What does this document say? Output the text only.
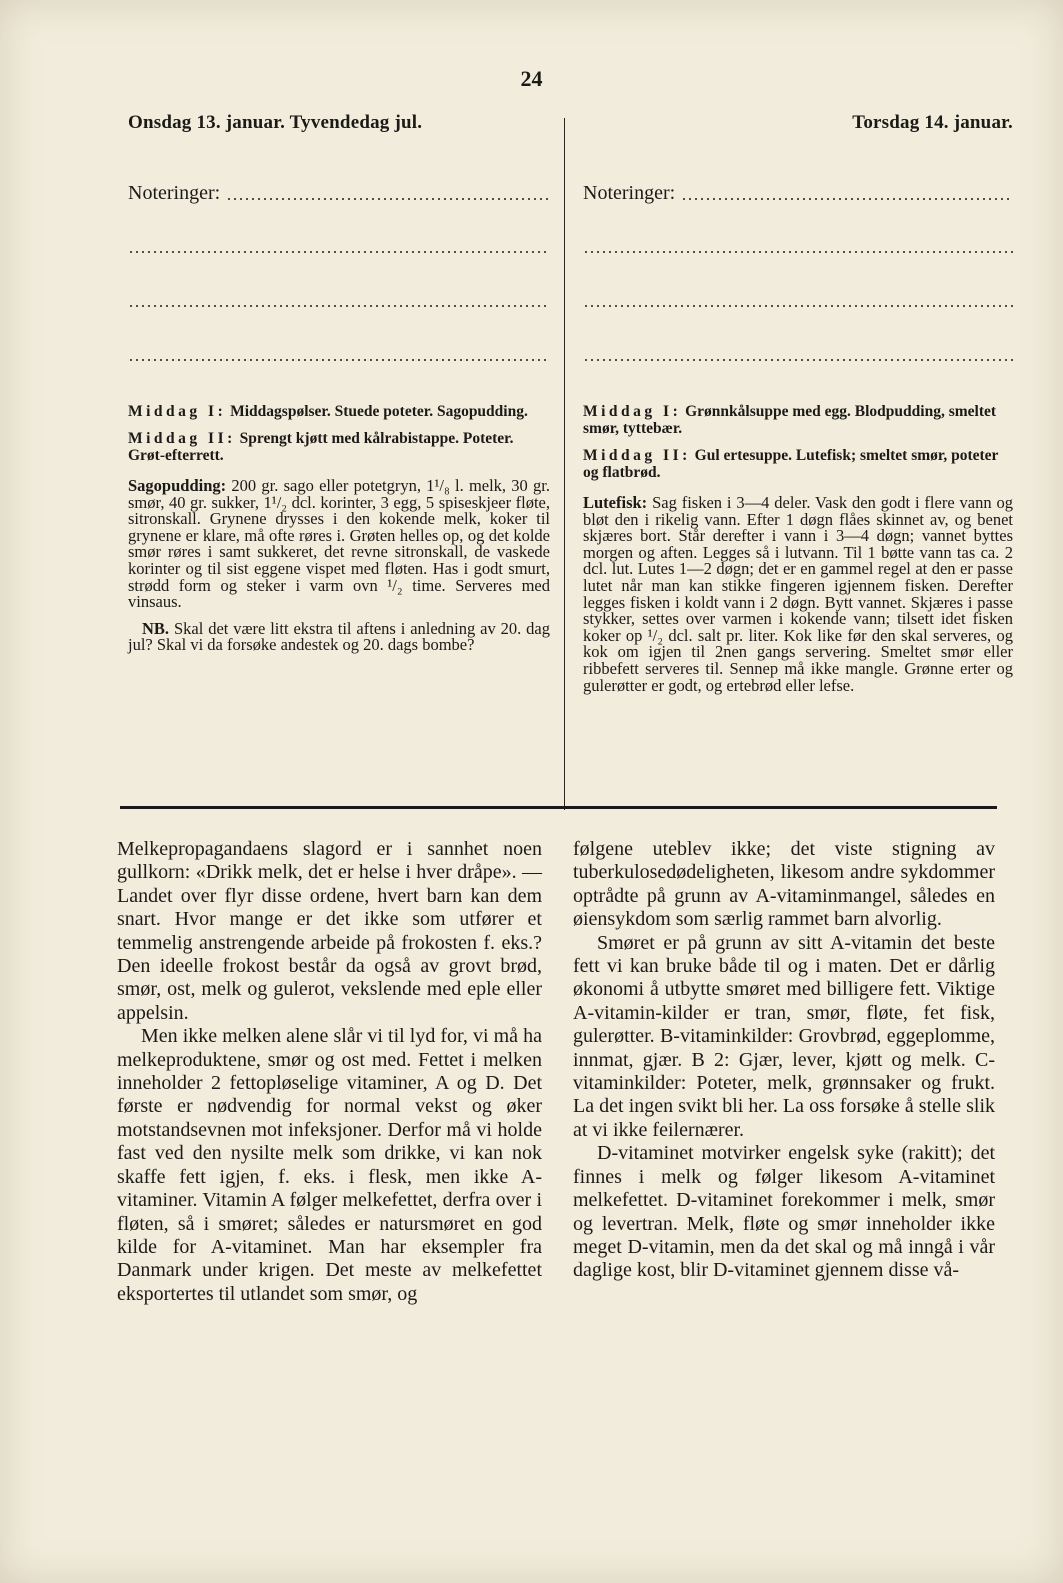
24

Onsdag 13. januar. Tyvendedag jul.

Noteringer:

Middag I: Middagspølser. Stuede poteter. Sagopudding.

Middag II: Sprengt kjøtt med kålrabistappe. Poteter. Grøt-efterrett.

Sagopudding: 200 gr. sago eller potetgryn, 1¹/₈ l. melk, 30 gr. smør, 40 gr. sukker, 1¹/₂ dcl. korinter, 3 egg, 5 spiseskjeer fløte, sitronskall. Grynene drysses i den kokende melk, koker til grynene er klare, må ofte røres i. Grøten helles op, og det kolde smør røres i samt sukkeret, det revne sitronskall, de vaskede korinter og til sist eggene vispet med fløten. Has i godt smurt, strødd form og steker i varm ovn ¹/₂ time. Serveres med vinsaus.

NB. Skal det være litt ekstra til aftens i anledning av 20. dag jul? Skal vi da forsøke andestek og 20. dags bombe?

Torsdag 14. januar.

Noteringer:

Middag I: Grønnkålsuppe med egg. Blodpudding, smeltet smør, tyttebær.

Middag II: Gul ertesuppe. Lutefisk; smeltet smør, poteter og flatbrød.

Lutefisk: Sag fisken i 3—4 deler. Vask den godt i flere vann og bløt den i rikelig vann. Efter 1 døgn flåes skinnet av, og benet skjæres bort. Står derefter i vann i 3—4 døgn; vannet byttes morgen og aften. Legges så i lutvann. Til 1 bøtte vann tas ca. 2 dcl. lut. Lutes 1—2 døgn; det er en gammel regel at den er passe lutet når man kan stikke fingeren igjennem fisken. Derefter legges fisken i koldt vann i 2 døgn. Bytt vannet. Skjæres i passe stykker, settes over varmen i kokende vann; tilsett idet fisken koker op ¹/₂ dcl. salt pr. liter. Kok like før den skal serveres, og kok om igjen til 2nen gangs servering. Smeltet smør eller ribbefett serveres til. Sennep må ikke mangle. Grønne erter og gulerøtter er godt, og ertebrød eller lefse.

Melkepropagandaens slagord er i sannhet noen gullkorn: «Drikk melk, det er helse i hver dråpe». — Landet over flyr disse ordene, hvert barn kan dem snart. Hvor mange er det ikke som utfører et temmelig anstrengende arbeide på frokosten f. eks.? Den ideelle frokost består da også av grovt brød, smør, ost, melk og gulerot, vekslende med eple eller appelsin.

Men ikke melken alene slår vi til lyd for, vi må ha melkeproduktene, smør og ost med. Fettet i melken inneholder 2 fettopløselige vitaminer, A og D. Det første er nødvendig for normal vekst og øker motstandsevnen mot infeksjoner. Derfor må vi holde fast ved den nysilte melk som drikke, vi kan nok skaffe fett igjen, f. eks. i flesk, men ikke A-vitaminer. Vitamin A følger melkefettet, derfra over i fløten, så i smøret; således er natursmøret en god kilde for A-vitaminet. Man har eksempler fra Danmark under krigen. Det meste av melkefettet eksportertes til utlandet som smør, og

følgene uteblev ikke; det viste stigning av tuberkulosedødeligheten, likesom andre sykdommer optrådte på grunn av A-vitaminmangel, således en øiensykdom som særlig rammet barn alvorlig.

Smøret er på grunn av sitt A-vitamin det beste fett vi kan bruke både til og i maten. Det er dårlig økonomi å utbytte smøret med billigere fett. Viktige A-vitamin-kilder er tran, smør, fløte, fet fisk, gulerøtter. B-vitaminkilder: Grovbrød, eggeplomme, innmat, gjær. B 2: Gjær, lever, kjøtt og melk. C-vitaminkilder: Poteter, melk, grønnsaker og frukt. La det ingen svikt bli her. La oss forsøke å stelle slik at vi ikke feilernærer.

D-vitaminet motvirker engelsk syke (rakitt); det finnes i melk og følger likesom A-vitaminet melkefettet. D-vitaminet forekommer i melk, smør og levertran. Melk, fløte og smør inneholder ikke meget D-vitamin, men da det skal og må inngå i vår daglige kost, blir D-vitaminet gjennem disse vå-
